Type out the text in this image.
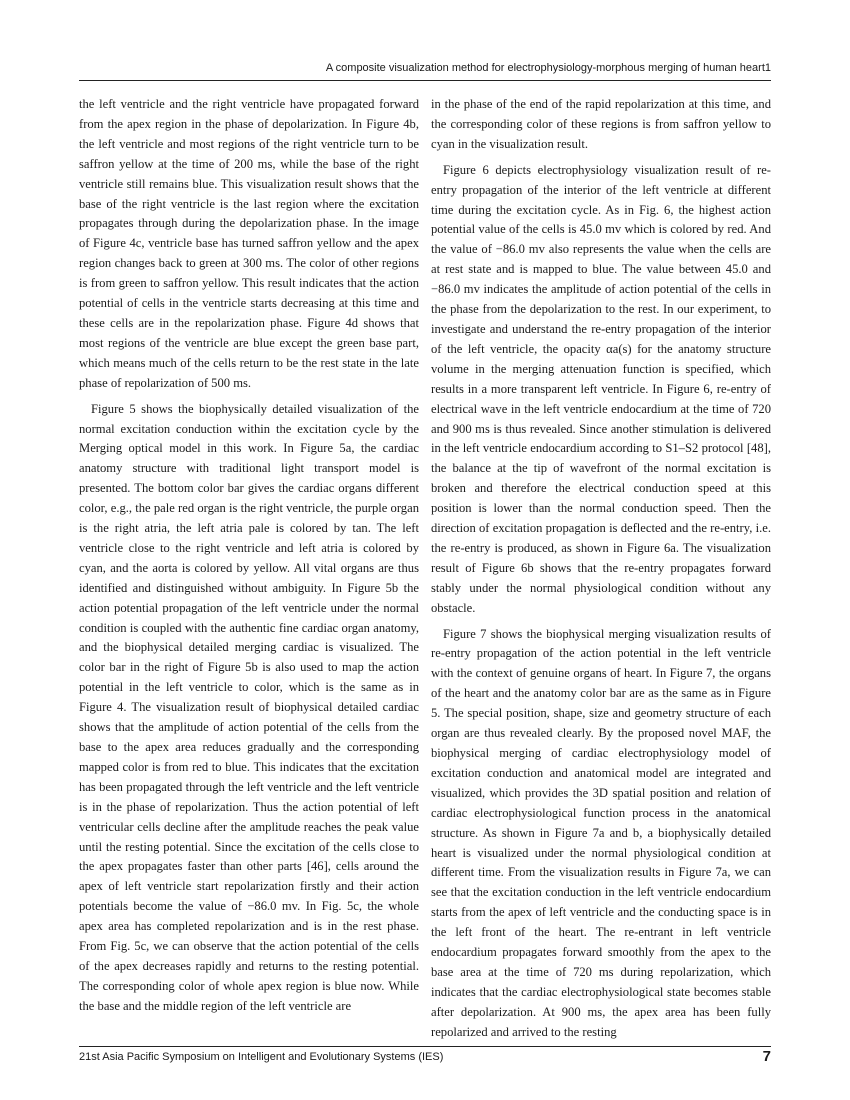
A composite visualization method for electrophysiology-morphous merging of human heart1

the left ventricle and the right ventricle have propagated forward from the apex region in the phase of depolarization. In Figure 4b, the left ventricle and most regions of the right ventricle turn to be saffron yellow at the time of 200 ms, while the base of the right ventricle still remains blue. This visualization result shows that the base of the right ventricle is the last region where the excitation propagates through during the depolarization phase. In the image of Figure 4c, ventricle base has turned saffron yellow and the apex region changes back to green at 300 ms. The color of other regions is from green to saffron yellow. This result indicates that the action potential of cells in the ventricle starts decreasing at this time and these cells are in the repolarization phase. Figure 4d shows that most regions of the ventricle are blue except the green base part, which means much of the cells return to be the rest state in the late phase of repolarization of 500 ms.

Figure 5 shows the biophysically detailed visualization of the normal excitation conduction within the excitation cycle by the Merging optical model in this work. In Figure 5a, the cardiac anatomy structure with traditional light transport model is presented. The bottom color bar gives the cardiac organs different color, e.g., the pale red organ is the right ventricle, the purple organ is the right atria, the left atria pale is colored by tan. The left ventricle close to the right ventricle and left atria is colored by cyan, and the aorta is colored by yellow. All vital organs are thus identified and distinguished without ambiguity. In Figure 5b the action potential propagation of the left ventricle under the normal condition is coupled with the authentic fine cardiac organ anatomy, and the biophysical detailed merging cardiac is visualized. The color bar in the right of Figure 5b is also used to map the action potential in the left ventricle to color, which is the same as in Figure 4. The visualization result of biophysical detailed cardiac shows that the amplitude of action potential of the cells from the base to the apex area reduces gradually and the corresponding mapped color is from red to blue. This indicates that the excitation has been propagated through the left ventricle and the left ventricle is in the phase of repolarization. Thus the action potential of left ventricular cells decline after the amplitude reaches the peak value until the resting potential. Since the excitation of the cells close to the apex propagates faster than other parts [46], cells around the apex of left ventricle start repolarization firstly and their action potentials become the value of −86.0 mv. In Fig. 5c, the whole apex area has completed repolarization and is in the rest phase. From Fig. 5c, we can observe that the action potential of the cells of the apex decreases rapidly and returns to the resting potential. The corresponding color of whole apex region is blue now. While the base and the middle region of the left ventricle are

in the phase of the end of the rapid repolarization at this time, and the corresponding color of these regions is from saffron yellow to cyan in the visualization result.

Figure 6 depicts electrophysiology visualization result of re-entry propagation of the interior of the left ventricle at different time during the excitation cycle. As in Fig. 6, the highest action potential value of the cells is 45.0 mv which is colored by red. And the value of −86.0 mv also represents the value when the cells are at rest state and is mapped to blue. The value between 45.0 and −86.0 mv indicates the amplitude of action potential of the cells in the phase from the depolarization to the rest. In our experiment, to investigate and understand the re-entry propagation of the interior of the left ventricle, the opacity αa(s) for the anatomy structure volume in the merging attenuation function is specified, which results in a more transparent left ventricle. In Figure 6, re-entry of electrical wave in the left ventricle endocardium at the time of 720 and 900 ms is thus revealed. Since another stimulation is delivered in the left ventricle endocardium according to S1–S2 protocol [48], the balance at the tip of wavefront of the normal excitation is broken and therefore the electrical conduction speed at this position is lower than the normal conduction speed. Then the direction of excitation propagation is deflected and the re-entry, i.e. the re-entry is produced, as shown in Figure 6a. The visualization result of Figure 6b shows that the re-entry propagates forward stably under the normal physiological condition without any obstacle.

Figure 7 shows the biophysical merging visualization results of re-entry propagation of the action potential in the left ventricle with the context of genuine organs of heart. In Figure 7, the organs of the heart and the anatomy color bar are as the same as in Figure 5. The special position, shape, size and geometry structure of each organ are thus revealed clearly. By the proposed novel MAF, the biophysical merging of cardiac electrophysiology model of excitation conduction and anatomical model are integrated and visualized, which provides the 3D spatial position and relation of cardiac electrophysiological function process in the anatomical structure. As shown in Figure 7a and b, a biophysically detailed heart is visualized under the normal physiological condition at different time. From the visualization results in Figure 7a, we can see that the excitation conduction in the left ventricle endocardium starts from the apex of left ventricle and the conducting space is in the left front of the heart. The re-entrant in left ventricle endocardium propagates forward smoothly from the apex to the base area at the time of 720 ms during repolarization, which indicates that the cardiac electrophysiological state becomes stable after depolarization. At 900 ms, the apex area has been fully repolarized and arrived to the resting

21st Asia Pacific Symposium on Intelligent and Evolutionary Systems (IES)	7
